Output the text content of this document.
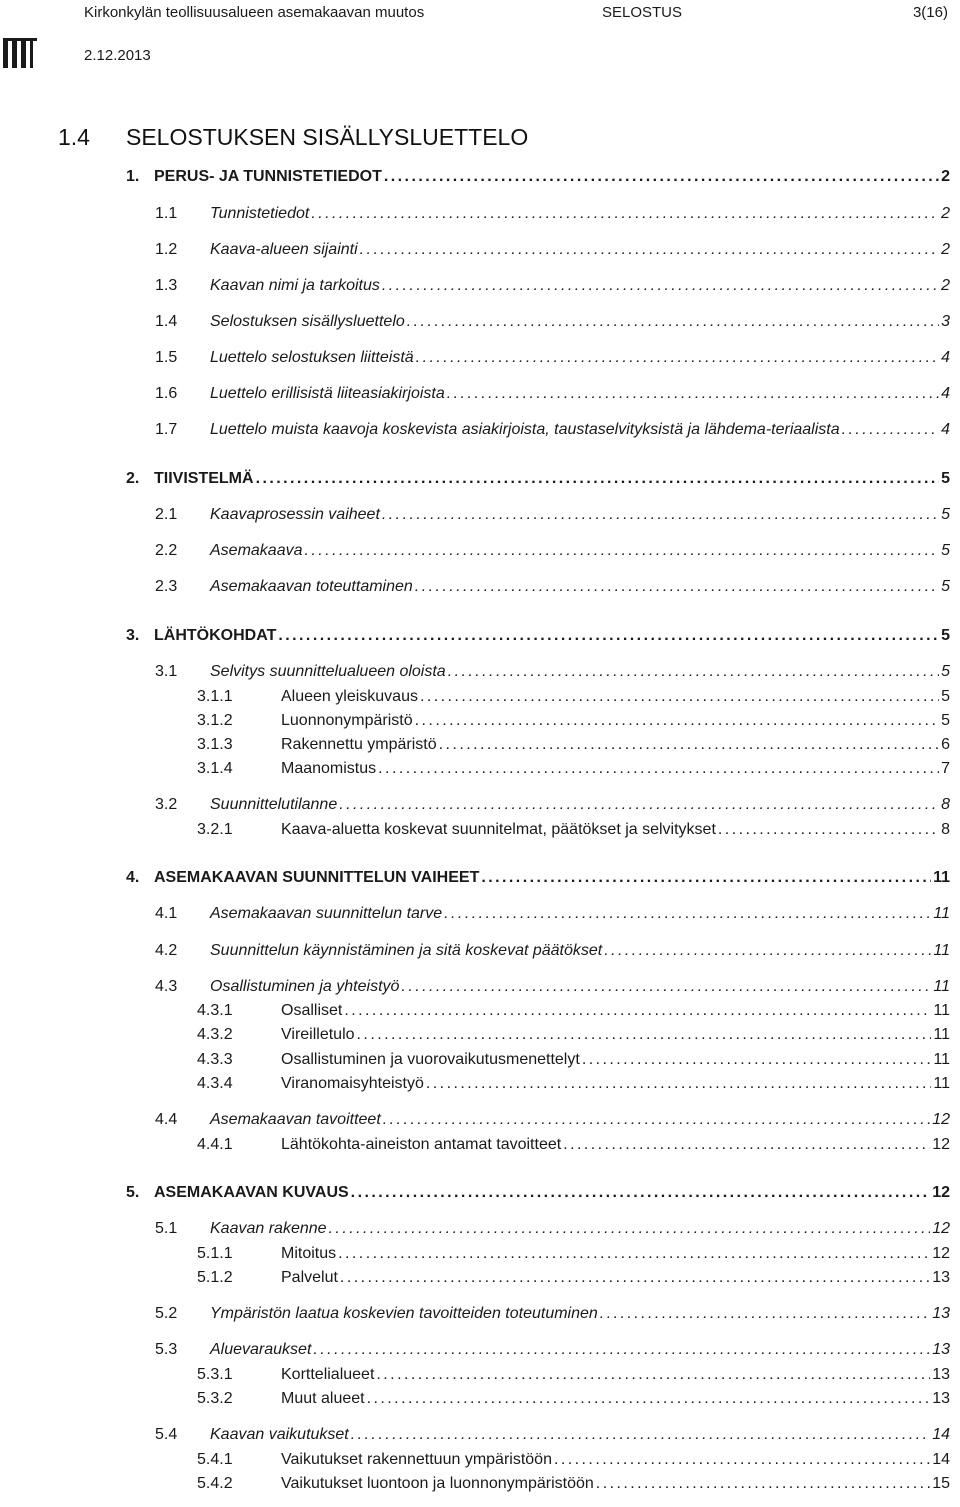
Kirkonkylän teollisuusalueen asemakaavan muutos	SELOSTUS	3(16)
2.12.2013
1.4 SELOSTUKSEN SISÄLLYSLUETTELO
1. PERUS- JA TUNNISTETIEDOT . . .	2
1.1	Tunnistetiedot . . .	2
1.2	Kaava-alueen sijainti . . .	2
1.3	Kaavan nimi ja tarkoitus . . .	2
1.4	Selostuksen sisällysluettelo . . .	3
1.5	Luettelo selostuksen liitteistä . . .	4
1.6	Luettelo erillisistä liiteasiakirjoista . . .	4
1.7	Luettelo muista kaavoja koskevista asiakirjoista, taustaselvityksistä ja lähdema-teriaalista . . .	4
2. TIIVISTELMÄ . . .	5
2.1	Kaavaprosessin vaiheet . . .	5
2.2	Asemakaava . . .	5
2.3	Asemakaavan toteuttaminen . . .	5
3. LÄHTÖKOHDAT . . .	5
3.1	Selvitys suunnittelualueen oloista . . .	5
3.1.1	Alueen yleiskuvaus . . .	5
3.1.2	Luonnonympäristö . . .	5
3.1.3	Rakennettu ympäristö . . .	6
3.1.4	Maanomistus . . .	7
3.2	Suunnittelutilanne . . .	8
3.2.1	Kaava-aluetta koskevat suunnitelmat, päätökset ja selvitykset . . .	8
4. ASEMAKAAVAN SUUNNITTELUN VAIHEET . . .	11
4.1	Asemakaavan suunnittelun tarve . . .	11
4.2	Suunnittelun käynnistäminen ja sitä koskevat päätökset . . .	11
4.3	Osallistuminen ja yhteistyö . . .	11
4.3.1	Osalliset . . .	11
4.3.2	Vireilletulo . . .	11
4.3.3	Osallistuminen ja vuorovaikutusmenettelyt . . .	11
4.3.4	Viranomaisyhteistyö . . .	11
4.4	Asemakaavan tavoitteet . . .	12
4.4.1	Lähtökohta-aineiston antamat tavoitteet . . .	12
5. ASEMAKAAVAN KUVAUS . . .	12
5.1	Kaavan rakenne . . .	12
5.1.1	Mitoitus . . .	12
5.1.2	Palvelut . . .	13
5.2	Ympäristön laatua koskevien tavoitteiden toteutuminen . . .	13
5.3	Aluevaraukset . . .	13
5.3.1	Korttelialueet . . .	13
5.3.2	Muut alueet . . .	13
5.4	Kaavan vaikutukset . . .	14
5.4.1	Vaikutukset rakennettuun ympäristöön . . .	14
5.4.2	Vaikutukset luontoon ja luonnonympäristöön . . .	15
